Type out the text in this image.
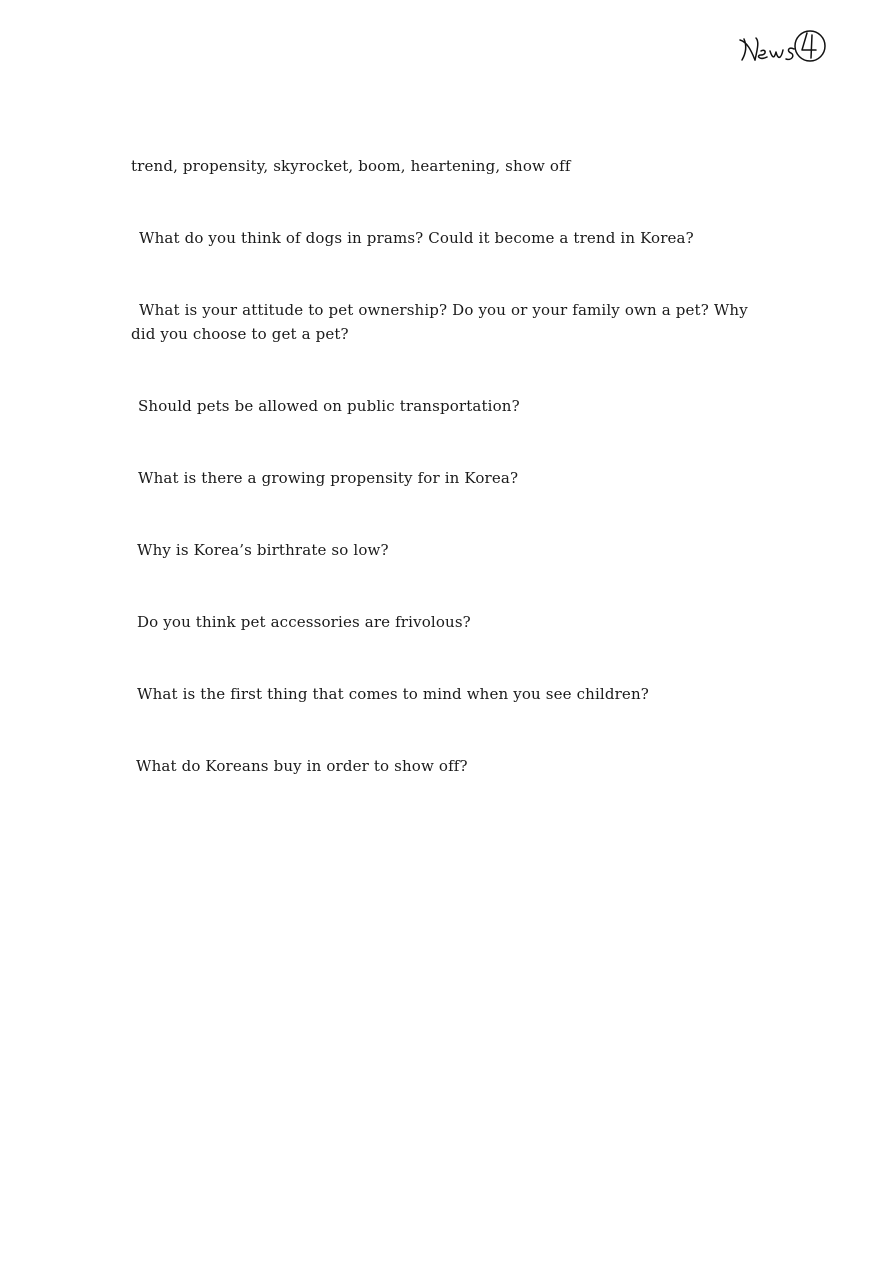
trend, propensity, skyrocket, boom, heartening, show off
What do you think of dogs in prams? Could it become a trend in Korea?
What is your attitude to pet ownership? Do you or your family own a pet? Why did you choose to get a pet?
Should pets be allowed on public transportation?
What is there a growing propensity for in Korea?
Why is Korea’s birthrate so low?
Do you think pet accessories are frivolous?
What is the first thing that comes to mind when you see children?
What do Koreans buy in order to show off?
